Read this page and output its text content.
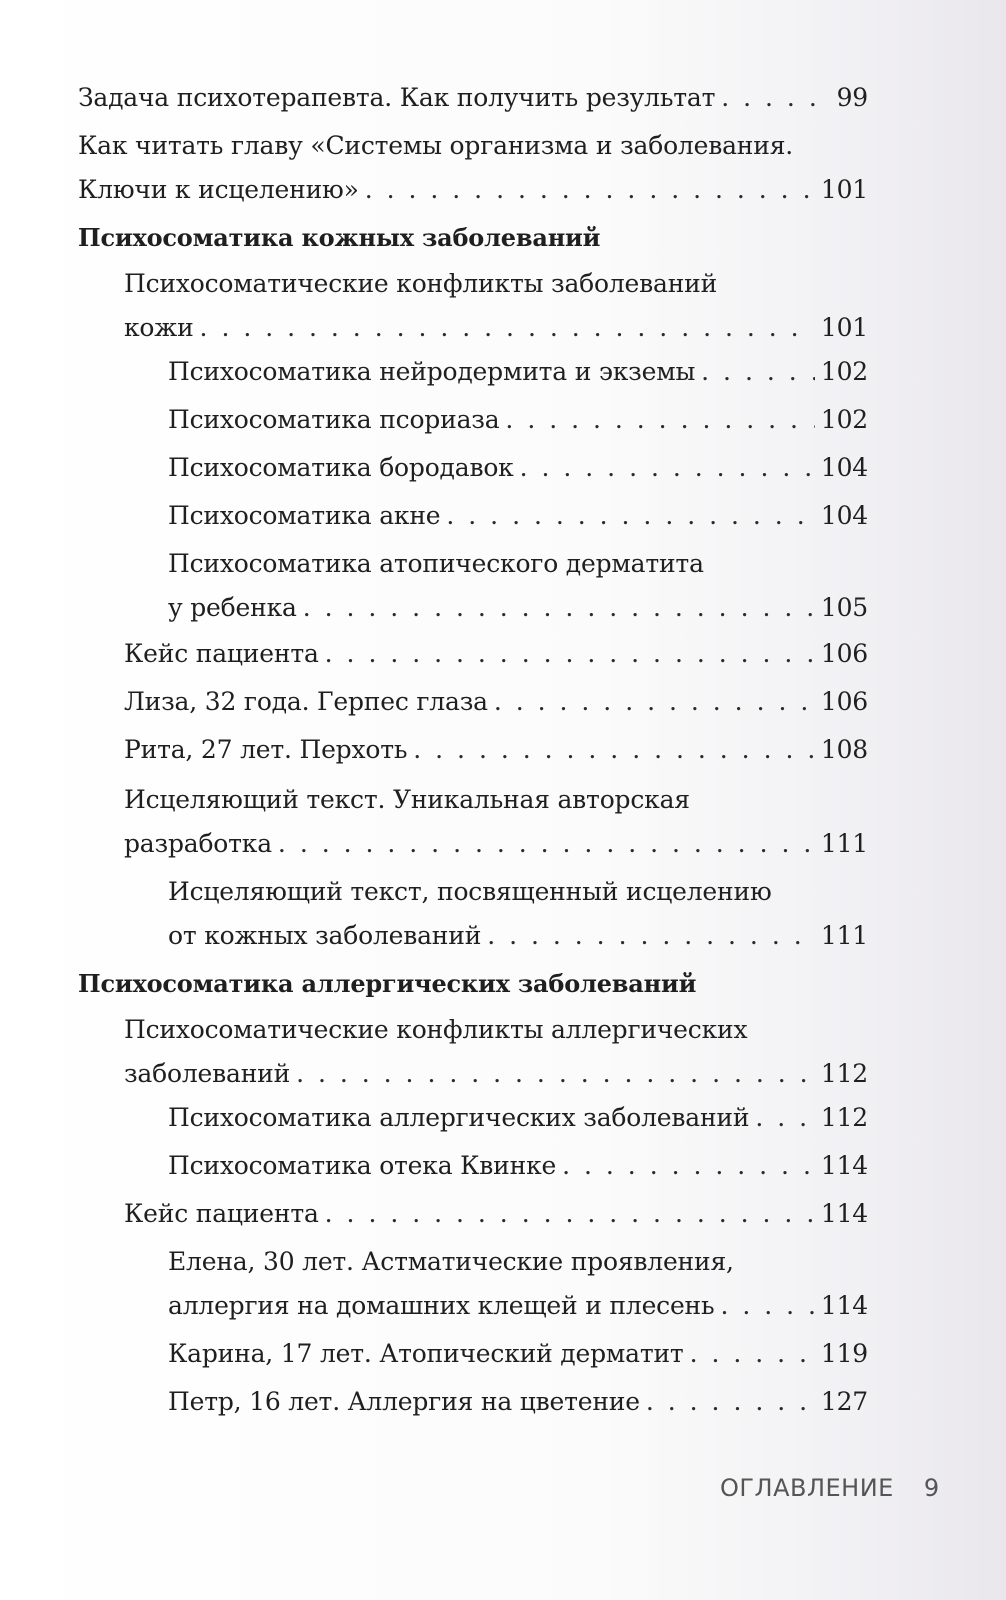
Задача психотерапевта. Как получить результат . . .	99
Как читать главу «Системы организма и заболевания.
Ключи к исцелению» . . .	101
Психосоматика кожных заболеваний
Психосоматические конфликты заболеваний
кожи . . .	101
Психосоматика нейродермита и экземы . . .	102
Психосоматика псориаза . . .	102
Психосоматика бородавок . . .	104
Психосоматика акне . . .	104
Психосоматика атопического дерматита
у ребенка . . .	105
Кейс пациента . . .	106
Лиза, 32 года. Герпес глаза . . .	106
Рита, 27 лет. Перхоть . . .	108
Исцеляющий текст. Уникальная авторская
разработка . . .	111
Исцеляющий текст, посвященный исцелению
от кожных заболеваний . . .	111
Психосоматика аллергических заболеваний
Психосоматические конфликты аллергических
заболеваний . . .	112
Психосоматика аллергических заболеваний . . .	112
Психосоматика отека Квинке . . .	114
Кейс пациента . . .	114
Елена, 30 лет. Астматические проявления,
аллергия на домашних клещей и плесень . . .	114
Карина, 17 лет. Атопический дерматит . . .	119
Петр, 16 лет. Аллергия на цветение . . .	127
ОГЛАВЛЕНИЕ 9
